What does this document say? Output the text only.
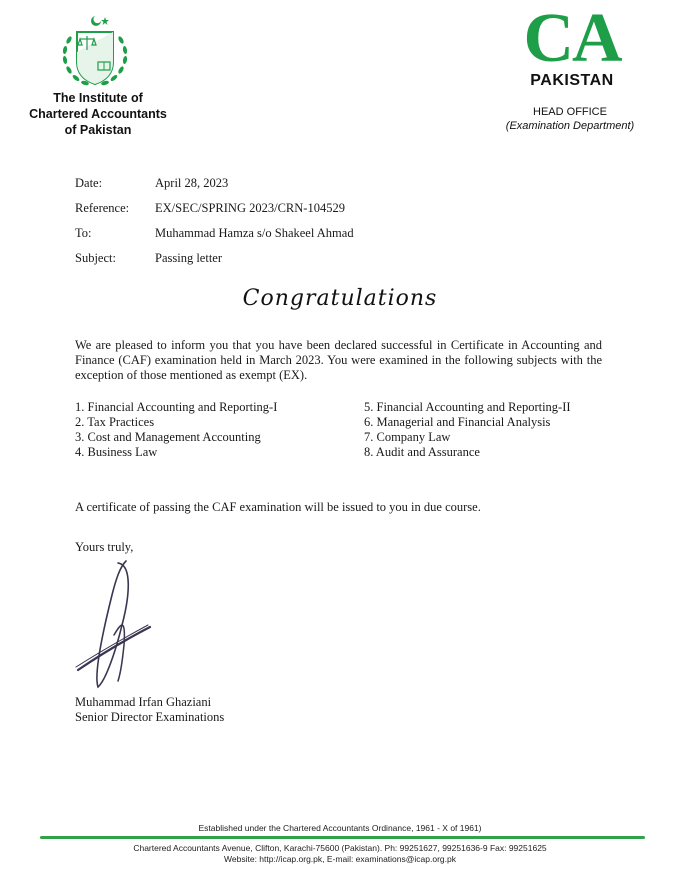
The Institute of
Chartered Accountants
of Pakistan
CA
PAKISTAN
HEAD OFFICE
(Examination Department)
Date:	April 28, 2023
Reference: EX/SEC/SPRING 2023/CRN-104529
To:	Muhammad Hamza s/o Shakeel Ahmad
Subject:	Passing letter
Congratulations
We are pleased to inform you that you have been declared successful in Certificate in Accounting and Finance (CAF) examination held in March 2023. You were examined in the following subjects with the exception of those mentioned as exempt (EX).
1. Financial Accounting and Reporting-I
2. Tax Practices
3. Cost and Management Accounting
4. Business Law
5. Financial Accounting and Reporting-II
6. Managerial and Financial Analysis
7. Company Law
8. Audit and Assurance
A certificate of passing the CAF examination will be issued to you in due course.
Yours truly,
Muhammad Irfan Ghaziani
Senior Director Examinations
Established under the Chartered Accountants Ordinance, 1961 - X of 1961)
Chartered Accountants Avenue, Clifton, Karachi-75600 (Pakistan). Ph: 99251627, 99251636-9 Fax: 99251625
Website: http://icap.org.pk, E-mail: examinations@icap.org.pk
